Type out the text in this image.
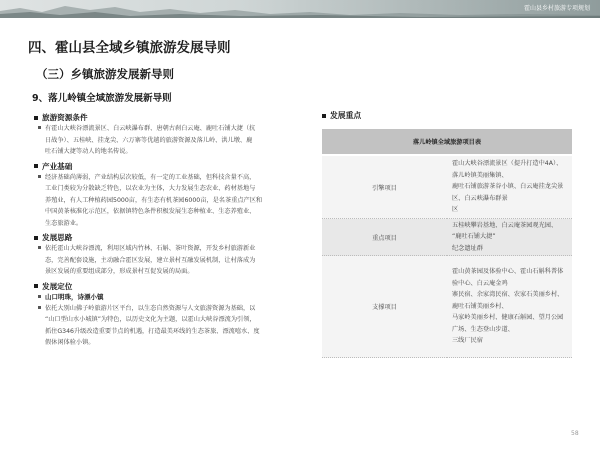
霍山县乡村旅游专项规划
四、霍山县全域乡镇旅游发展导则
（三）乡镇旅游发展新导则
9、落儿岭镇全域旅游发展新导则
旅游资源条件
有霍山大峡谷漂流景区、白云峡瀑布群、唐朝古刹白云庵、鹿吐石铺大捷（抗
日战争）、五桂峡、挂龙尖、六万寨等优越的旅游资源及落儿岭、洪儿墩、鹿
吐石铺大捷等动人的地名传说。
产业基础
经济基础尚薄弱，产业结构层次较低，有一定的工业基础，但科技含量不高，
工业门类较为分散缺乏特色，以农业为主体，大力发展生态农业、药材基地与
养殖业，有人工种植药园5000亩，有生态有机茶园6000亩，是名茶重点产区和
中国黄茶核准化示范区，依据镇特色条件积极发展生态种植业、生态养殖业、
生态旅游业。
发展思路
依托霍山大峡谷漂流，利用区域内竹林、石斛、茶叶资源，开发乡村旅游新业
态，完善配套设施，主动融合霍区发展，建立景村互融发展机制，让村落成为
景区发展的重要组成部分，形成景村互促发展的局面。
发展定位
山口明珠，诗漂小镇
依托大别山佛子岭旅游片区平台，以生态自然资源与人文旅游资源为基础，以
“山口型山水小城镇”为特色，以历史文化为主题，以霍山大峡谷漂流为引领，
抓住G346升级改造重要节点的机遇，打造最美环线的生态茶旅、漂流嘻水、度
假休闲体验小镇。
发展重点
落儿岭镇全域旅游项目表	
引擎项目	霍山大峡谷漂流景区（提升打造中4A）、落儿岭镇美丽集镇、
鹿吐石铺旅游茶谷小镇、白云庵挂龙尖景区、白云峡瀑布群景
区

重点项目	五桂峡攀岩基地、白云庵茶园观光园、 “鹿吐石铺大捷”
纪念遗址群

支撑项目	霍山黄茶园及体验中心、霍山石斛科普体验中心、白云庵金鸡
寨民宿、余家湾民宿、农家石美丽乡村、鹿吐石铺美丽乡村、
马家岭美丽乡村、健康石斛园、望月公园广场、生态登山步道、
三线厂民宿
58
